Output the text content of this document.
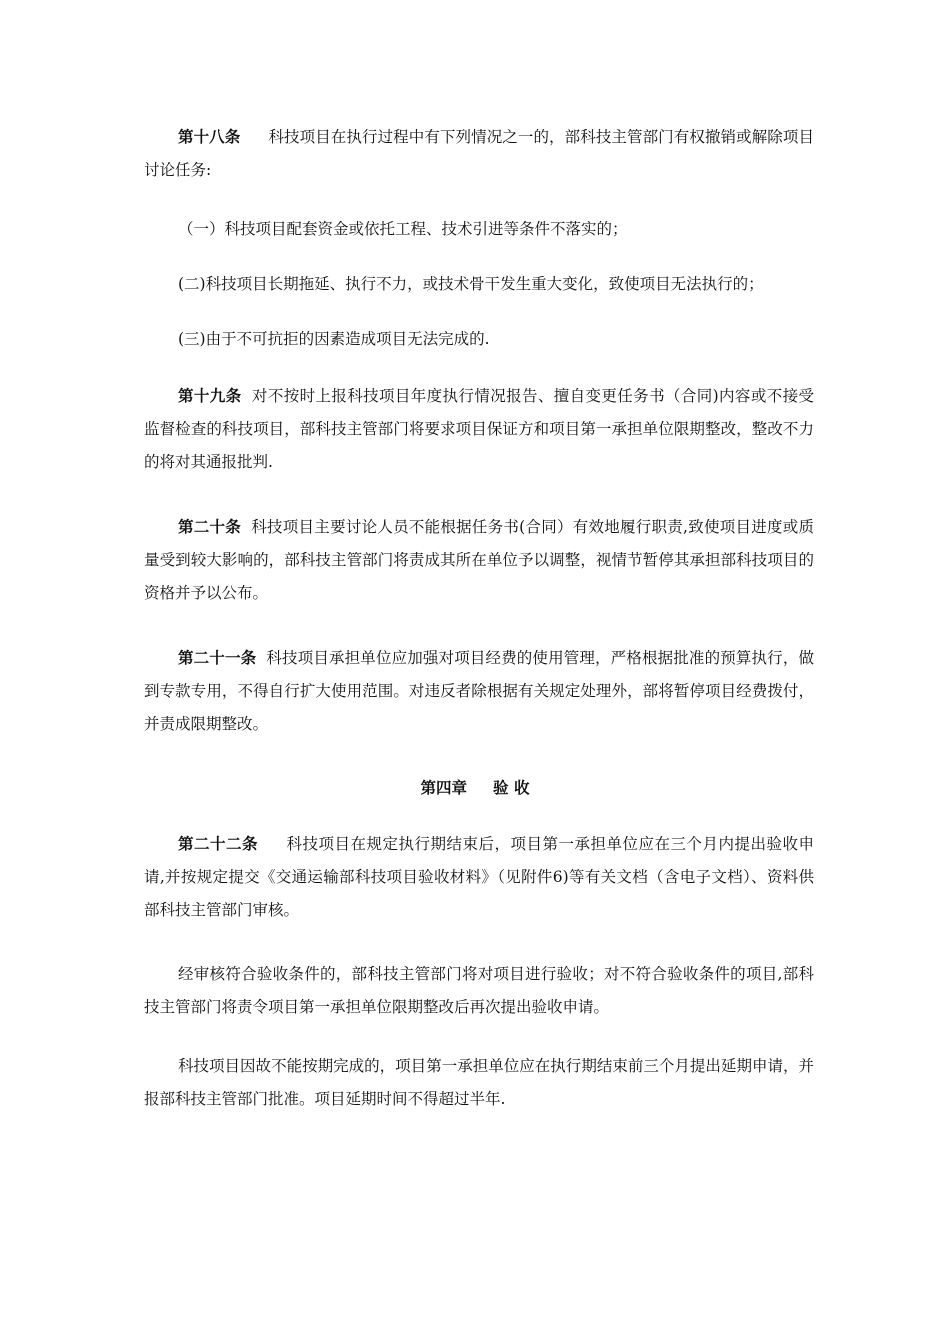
第十八条 科技项目在执行过程中有下列情况之一的，部科技主管部门有权撤销或解除项目讨论任务:

（一）科技项目配套资金或依托工程、技术引进等条件不落实的；

(二)科技项目长期拖延、执行不力，或技术骨干发生重大变化，致使项目无法执行的；

(三)由于不可抗拒的因素造成项目无法完成的.

第十九条 对不按时上报科技项目年度执行情况报告、擅自变更任务书（合同)内容或不接受监督检查的科技项目，部科技主管部门将要求项目保证方和项目第一承担单位限期整改，整改不力的将对其通报批判.

第二十条 科技项目主要讨论人员不能根据任务书(合同）有效地履行职责,致使项目进度或质量受到较大影响的，部科技主管部门将责成其所在单位予以调整，视情节暂停其承担部科技项目的资格并予以公布。

第二十一条 科技项目承担单位应加强对项目经费的使用管理，严格根据批准的预算执行，做到专款专用，不得自行扩大使用范围。对违反者除根据有关规定处理外，部将暂停项目经费拨付，并责成限期整改。

第四章 验 收

第二十二条 科技项目在规定执行期结束后，项目第一承担单位应在三个月内提出验收申请,并按规定提交《交通运输部科技项目验收材料》（见附件6)等有关文档（含电子文档）、资料供部科技主管部门审核。

经审核符合验收条件的，部科技主管部门将对项目进行验收；对不符合验收条件的项目,部科技主管部门将责令项目第一承担单位限期整改后再次提出验收申请。

科技项目因故不能按期完成的，项目第一承担单位应在执行期结束前三个月提出延期申请，并报部科技主管部门批准。项目延期时间不得超过半年.
